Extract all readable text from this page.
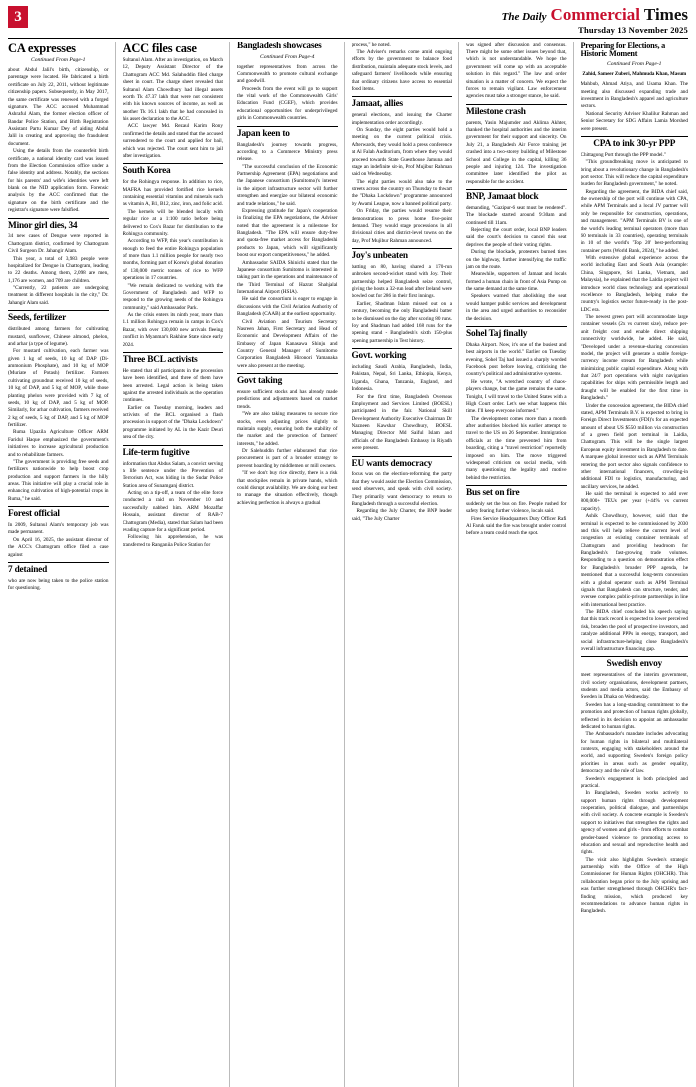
3	The Daily Commercial Times
Thursday 13 November 2025
CA expresses
Continued From Page-1

about Abdul Jalil's birth, citizenship, or parentage were located. He fabricated a birth certificate on July 22, 2011, without legitimate citizenship papers. Subsequently, in May 2017, the same certificate was renewed with a forged signature. The ACC accused Muhammad Ashraful Alam, the former election officer of Bandar Police Station, and Birth Registration Assistant Partu Kumar Dey of aiding Abdul Jalil in creating and approving the fraudulent document.

Using the details from the counterfeit birth certificate, a national identity card was issued from the Election Commission office under a false identity and address. Notably, the sections for his parents' and wife's identities were left blank on the NID application form. Forensic analysis by the ACC confirmed that the signature on the birth certificate and the registrar's signature were falsified.

Minor girl dies, 34

34 new cases of Dengue were reported in Chattogram district, confirmed by Chattogram Civil Surgeon Dr. Jahangir Alam.

This year, a total of 3,983 people were hospitalized for Dengue in Chattogram, leading to 22 deaths. Among them, 2,098 are men, 1,176 are women, and 709 are children.

"Currently, 22 patients are undergoing treatment in different hospitals in the city," Dr. Jahangir Alam said.

Seeds, fertilizer

distributed among farmers for cultivating mustard, sunflower, Chinese almond, phelon, and arhar (a type of legume).

For mustard cultivation, each farmer was given 1 kg of seeds, 10 kg of DAP (Di-ammonium Phosphate), and 10 kg of MOP (Muriate of Potash) fertilizer. Farmers cultivating groundnut received 10 kg of seeds, 10 kg of DAP, and 5 kg of MOP, while those planting phelon were provided with 7 kg of seeds, 10 kg of DAP, and 5 kg of MOP. Similarly, for arhar cultivation, farmers received 2 kg of seeds, 5 kg of DAP, and 5 kg of MOP fertilizer.

Ruma Upazila Agriculture Officer ARM Faridul Haque emphasized the government's initiatives to increase agricultural production and to rehabilitate farmers.

"The government is providing free seeds and fertilizers nationwide to help boost crop production and support farmers in the hilly areas. This initiative will play a crucial role in enhancing cultivation of high-potential crops in Ruma," he said.

Forest official

In 2009, Sultanul Alam's temporary job was made permanent.

On April 16, 2025, the assistant director of the ACC's Chattogram office filed a case against

7 detained

who are now being taken to the police station for questioning.

ACC files case

Sultanul Alam. After an investigation, on March 12, Deputy Assistant Director of the Chattogram ACC Md. Salahuddin filed charge sheet in court. The charge sheet revealed that Sultanul Alam Chowdhury had illegal assets worth Tk 47.37 lakh that were not consistent with his known sources of income, as well as another Tk 16.1 lakh that he had concealed in his asset declaration to the ACC.

ACC lawyer Md. Rezaul Karim Rony confirmed the details and stated that the accused surrendered to the court and applied for bail, which was rejected. The court sent him to jail after investigation.

South Korea

for the Rohingya response. In addition to rice, MAFRA has provided fortified rice kernels containing essential vitamins and minerals such as vitamin A, B1, B12, zinc, iron, and folic acid.

The kernels will be blended locally with regular rice at a 1:100 ratio before being delivered to Cox's Bazar for distribution to the Rohingya community.

According to WFP, this year's contribution is enough to feed the entire Rohingya population of more than 1.1 million people for nearly two months, forming part of Korea's global donation of 130,000 metric tonnes of rice to WFP operations in 17 countries.

"We remain dedicated to working with the Government of Bangladesh and WFP to respond to the growing needs of the Rohingya community," said Ambassador Park.

As the crisis enters its ninth year, more than 1.1 million Rohingya remain in camps in Cox's Bazar, with over 130,000 new arrivals fleeing conflict in Myanmar's Rakhine State since early 2024.

Three BCL activists

He stated that all participants in the procession have been identified, and three of them have been arrested. Legal action is being taken against the arrested individuals as the operation continues.

Earlier on Tuesday morning, leaders and activists of the BCL organised a flash procession in support of the "Dhaka Lockdown" programme initiated by AL in the Kazir Deuri area of the city.

Life-term fugitive

information that Abdus Salam, a convict serving a life sentence under the Prevention of Terrorism Act, was hiding in the Sudar Police Station area of Sunamganj district.

Acting on a tip-off, a team of the elite force conducted a raid on November 10 and successfully nabbed him. ARM Mozaffar Hossain, assistant director of RAB-7 Chattogram (Media), stated that Salam had been evading capture for a significant period.

Following his apprehension, he was transferred to Ranganiia Police Station for

Bangladesh showcases
Continued From Page-4

together representatives from across the Commonwealth to promote cultural exchange and goodwill.

Proceeds from the event will go to support the vital work of the Commonwealth Girls' Education Fund (CGEF), which provides educational opportunities for underprivileged girls in Commonwealth countries.

Japan keen to

Bangladesh's journey towards progress, according to a Commerce Ministry press release.

"The successful conclusion of the Economic Partnership Agreement (EPA) negotiations and the Japanese consortium (Sumitomo)'s interest in the airport infrastructure sector will further strengthen and energize our bilateral economic and trade relations," he said.

Expressing gratitude for Japan's cooperation in finalizing the EPA negotiations, the Adviser noted that the agreement is a milestone for Bangladesh. "The EPA will ensure duty-free and quota-free market access for Bangladeshi products to Japan, which will significantly boost our export competitiveness," he added.

Ambassador SAIDA Shinichi stated that the Japanese consortium Sumitomo is interested in taking part in the operations and maintenance of the Third Terminal of Hazrat Shahjalal International Airport (HSIA).

He said the consortium is eager to engage in discussions with the Civil Aviation Authority of Bangladesh (CAAB) at the earliest opportunity.

Civil Aviation and Tourism Secretary Nasreen Jahan, First Secretary and Head of Economic and Development Affairs of the Embassy of Japan Kanasawa Shinju and Country General Manager of Sumitomo Corporation Bangladesh Hironori Yamanaka were also present at the meeting.

Govt taking

ensure sufficient stocks and has already made predictions and adjustments based on market trends.

"We are also taking measures to secure rice stocks, even adjusting prices slightly to maintain supply, ensuring both the stability of the market and the protection of farmers' interests," he added.

Dr Salehuddin further elaborated that rice procurement is part of a broader strategy to prevent hoarding by middlemen or mill owners.

"If we don't buy rice directly, there is a risk that stockpiles remain in private hands, which could disrupt availability. We are doing our best to manage the situation effectively, though achieving perfection is always a gradual

process," he noted.

The Adviser's remarks come amid ongoing efforts by the government to balance food distribution, maintain adequate stock levels, and safeguard farmers' livelihoods while ensuring that ordinary citizens have access to essential food items.

Jamaat, allies

general elections, and issuing the Charter implementation order accordingly.

On Sunday, the eight parties would hold a meeting on the current political crisis. Afterwards, they would hold a press conference at Al Falah Auditorium, from where they would proceed towards State Guesthouse Jamuna and stage an indefinite sit-in, Prof Mujibur Rahman said on Wednesday.

The eight parties would also take to the streets across the country on Thursday to thwart the "Dhaka Lockdown" programme announced by Awami League, now a banned political party.

On Friday, the parties would resume their demonstrations to press home five-point demand. They would stage processions in all divisional cities and district-level towns on the day, Prof Mujibur Rahman announced.

Joy's unbeaten

batting on 80, having shared a 170-run unbroken second-wicket stand with Joy. Their partnership helped Bangladesh seize control, giving the hosts a 32-run lead after Ireland were bowled out for 286 in their first innings.

Earlier, Shadman Islam missed out on a century, becoming the only Bangladeshi batter to be dismissed on the day after scoring 80 runs. Joy and Shadman had added 168 runs for the opening stand - Bangladesh's sixth 150-plus opening partnership in Test history.

Govt. working

including Saudi Arabia, Bangladesh, India, Pakistan, Nepal, Sri Lanka, Ethiopia, Kenya, Uganda, Ghana, Tanzania, England, and Indonesia.

For the first time, Bangladesh Overseas Employment and Services Limited (BOESL) participated in the fair. National Skill Development Authority Executive Chairman Dr Nazneen Kawshar Chowdhury, BOESL Managing Director Md Saiful Islam and officials of the Bangladesh Embassy in Riyadh were present.

EU wants democracy

focus was on the election-reforming the party that they would assist the Election Commission, send observers, and speak with civil society. They primarily want democracy to return to Bangladesh through a successful election.

Regarding the July Charter, the BNP leader said, "The July Charter

was signed after discussion and consensus. There might be some other issues beyond that, which is not understandable. We hope the government will come up with an acceptable solution in this regard." The law and order situation is a matter of concern. We expect the forces to remain vigilant. Law enforcement agencies must take a stronger stance, he said.

Milestone crash

parents, Yasin Majumder and Aklima Akhter, thanked the hospital authorities and the interim government for their support and sincerity. On July 21, a Bangladesh Air Force training jet crashed into a two-storey building of Milestone School and College in the capital, killing 36 people and injuring 124. The investigation committee later identified the pilot as responsible for the accident.

BNP, Jamaat block

demanding, "Gazipur-6 seat must be rendered". The blockade started around 9:30am and continued till 11am.

Rejecting the court order, local BNP leaders said the court's decision to cancel this seat deprives the people of their voting rights.

During the blockade, protesters burned tires on the highway, further intensifying the traffic jam on the route.

Meanwhile, supporters of Jamaat and locals formed a human chain in front of Asia Pump on the same demand at the same time.

Speakers warned that abolishing the seat would hamper public services and development in the area and urged authorities to reconsider the decision.

Sohel Taj finally

Dhaka Airport. Now, it's one of the busiest and best airports in the world." Earlier on Tuesday evening, Sohel Taj had issued a sharply worded Facebook post before leaving, criticising the country's political and administrative systems.

He wrote, "A wretched country of chaos-players change, but the game remains the same. Tonight, I will travel to the United States with a High Court order. Let's see what happens this time. I'll keep everyone informed."

The development comes more than a month after authorities blocked his earlier attempt to travel to the US on 26 September. Immigration officials at the time prevented him from boarding, citing a "travel restriction" reportedly imposed on him. The move triggered widespread criticism on social media, with many questioning the legality and motive behind the restriction.

Bus set on fire

suddenly set the bus on fire. People rushed for safety fearing further violence, locals said.

Fires Service Headquarters Duty Officer Rafi Al Faruk said the fire was brought under control before a team could reach the spot.

Preparing for Elections, a Historic Moment
Continued From Page-1
Zahid, Sameer Zuberi, Mahmuda Khan, Masum

Mahbub, Ahmad Atiya, and Usama Khan. The meeting also discussed expanding trade and investment in Bangladesh's apparel and agriculture sectors.

National Security Adviser Khalilur Rahman and Senior Secretary for SDG Affairs Lamia Morshed were present.

CPA to ink 30-yr PPP

Chittagong Port through the PPP model."

"This groundbreaking move is anticipated to bring about a revolutionary change in Bangladesh's port sector. This will reduce the capital expenditure burden for Bangladesh government," he noted.

Regarding the agreement, the BIDA chief said, the ownership of the port will continue with CPA, while APM Terminals and a local JV partner will only be responsible for construction, operations, and management. "APM Terminals BV is one of the world's leading terminal operators (more than 60 terminals in 33 countries), operating terminals in 10 of the world's 'Top 20' best-performing container ports (World Bank, 2024)," he added.

With extensive global experience across the world including East and South Asia (example: China, Singapore, Sri Lanka, Vietnam, and Malaysia), he explained that the Laldia project will introduce world class technology and operational excellence to Bangladesh, helping make the country's logistics sector future-ready in the post-LDC era.

The newest green port will accommodate large container vessels (2x vs current size), reduce per-unit freight cost and enable direct shipping connectivity worldwide, he added. He said, "Developed under a revenue-sharing concession model, the project will generate a stable foreign-currency income stream for Bangladesh while minimizing public capital expenditure. Along with that 24/7 port operations with night navigation capabilities for ships with permissible length and draught will be enabled for the first time in Bangladesh."

Under the concession agreement, the BIDA chief stated, APM Terminals B.V. is expected to bring in Foreign Direct Investments (FDI)'s for an expected amount of about US $550 million via construction of a green field port terminal in Laidia, Chattogram. This will be the single largest European equity investment in Bangladesh to date. A marquee global investor such as APM Terminals entering the port sector also signals confidence to other international financers, crowding-in additional FDI to logistics, manufacturing, and ancillary services, he added.

He said the terminal is expected to add over 800,000+ TEUs per year (+44% vs current capacity).

Ashik Chowdhury, however, said that the terminal is expected to be commissioned by 2030 and this will help relieve the current level of congestion at existing container terminals of Chattogram and providing headroom for Bangladesh's fast-growing trade volumes. Responding to a question on demonstration effect for Bangladesh's broader PPP agenda, he mentioned that a successful long-term concession with a global operator such as APM Terminal signals that Bangladesh can structure, tender, and oversee complex public-private partnerships in line with international best practice.

The BIDA chief concluded his speech saying that this track record is expected to lower perceived risk, broaden the pool of prospective investors, and catalyze additional PPPs in energy, transport, and social infrastructure-helping close Bangladesh's overall infrastructure financing gap.

Swedish envoy

meet representatives of the interim government, civil society organisations, development partners, students and media actors, said the Embassy of Sweden in Dhaka on Wednesday.

Sweden has a long-standing commitment to the promotion and protection of human rights globally, reflected in its decision to appoint an ambassador dedicated to human rights.

The Ambassador's mandate includes advocating for human rights in bilateral and multilateral contexts, engaging with stakeholders around the world, and supporting Sweden's foreign policy priorities in areas such as gender equality, democracy and the rule of law.

Sweden's engagement is both principled and practical.

In Bangladesh, Sweden works actively to support human rights through development cooperation, political dialogue, and partnerships with civil society. A concrete example is Sweden's support to initiatives that strengthen the rights and agency of women and girls - from efforts to combat gender-based violence to promoting access to education and sexual and reproductive health and rights.

The visit also highlights Sweden's strategic partnership with the Office of the High Commissioner for Human Rights (OHCHR). This collaboration began prior to the July uprising and was further strengthened through OHCHR's fact-finding mission, which produced key recommendations to advance human rights in Bangladesh.
